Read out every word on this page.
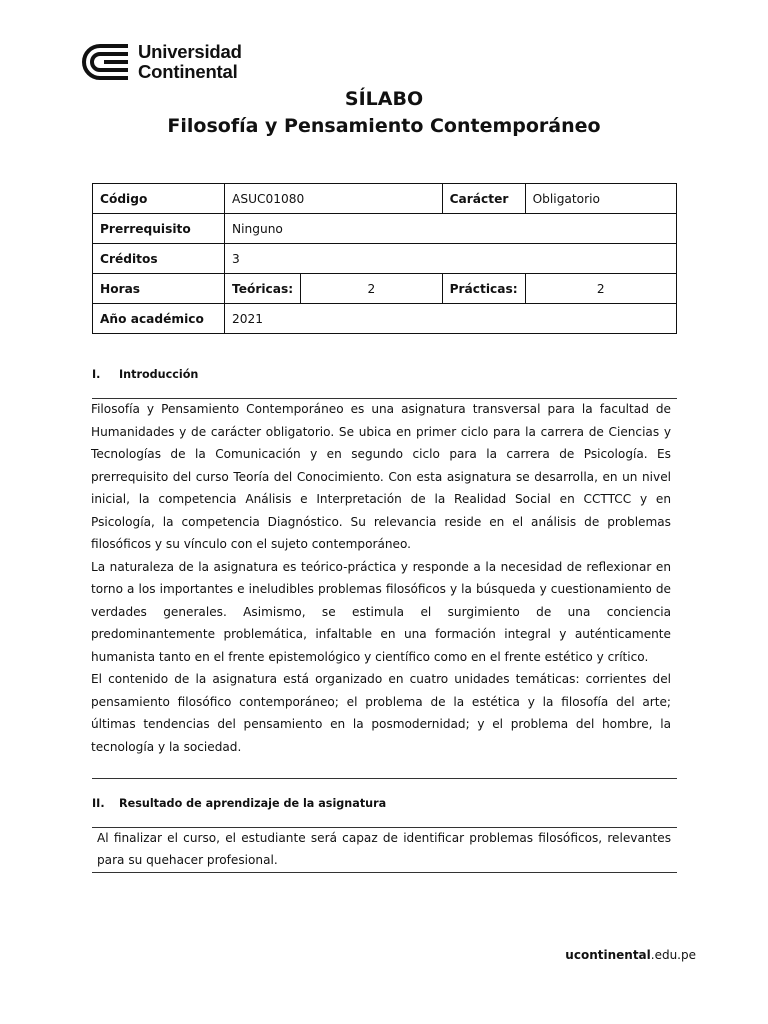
Universidad
Continental
SÍLABO
Filosofía y Pensamiento Contemporáneo
Código	ASUC01080		Carácter	Obligatorio
Prerrequisito	Ninguno			
Créditos	3			
Horas	Teóricas:	2	Prácticas:	2
Año académico	2021			
I. Introducción

Filosofía y Pensamiento Contemporáneo es una asignatura transversal para la facultad de Humanidades y de carácter obligatorio. Se ubica en primer ciclo para la carrera de Ciencias y Tecnologías de la Comunicación y en segundo ciclo para la carrera de Psicología. Es prerrequisito del curso Teoría del Conocimiento. Con esta asignatura se desarrolla, en un nivel inicial, la competencia Análisis e Interpretación de la Realidad Social en CCTTCC y en Psicología, la competencia Diagnóstico. Su relevancia reside en el análisis de problemas filosóficos y su vínculo con el sujeto contemporáneo.

La naturaleza de la asignatura es teórico-práctica y responde a la necesidad de reflexionar en torno a los importantes e ineludibles problemas filosóficos y la búsqueda y cuestionamiento de verdades generales. Asimismo, se estimula el surgimiento de una conciencia predominantemente problemática, infaltable en una formación integral y auténticamente humanista tanto en el frente epistemológico y científico como en el frente estético y crítico.

El contenido de la asignatura está organizado en cuatro unidades temáticas: corrientes del pensamiento filosófico contemporáneo; el problema de la estética y la filosofía del arte; últimas tendencias del pensamiento en la posmodernidad; y el problema del hombre, la tecnología y la sociedad.

II. Resultado de aprendizaje de la asignatura
Al finalizar el curso, el estudiante será capaz de identificar problemas filosóficos, relevantes para su quehacer profesional.
ucontinental.edu.pe
